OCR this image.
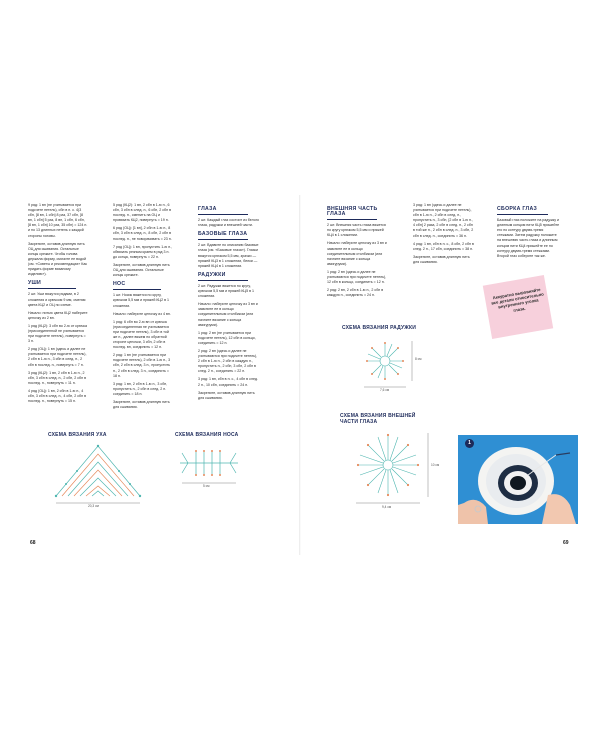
9 ряд: 1 вп (не учитывается при подсчете петель), сбн в п. с. 4(3 сбн, [8 вп, 1 сбн] 8 раз, 37 сбн, [8 вп, 1 сбн] 5 раз, 8 вп, 1 сбн, 6 сбн, [8 вп, 1 сбн] 10 раз, 35 сбн) = 124 п. и по 13 длинных петель с каждой стороны головы.

Закрепите, оставив длинную нить ОЦ для сшивания. Остальные концы срежьте. Чтобы голова держала форму, смочите ее водой (см. «Советы и рекомендации» Как придать форме вязаному изделию»).

УШИ

2 шт. Уши вяжутся рядами, в 2 сложения и крючком 9 мм, сменяя цвета КЦ2 и ОЦ по схеме.

Начало: нитью цвета КЦ2 наберите цепочку из 2 вп.

1 ряд (КЦ2): 3 сбн во 2-ю от крючка (присоединенной не учитывается при подсчете петель), повернуть = 3 п.

2 ряд (ОЦ): 1 вп (здесь и далее не учитывается при подсчете петель), 2 сбн в 1-ю п., 3 сбн в след. п., 2 сбн в послед. п., повернуть = 7 п.

3 ряд (КЦ2): 1 вп, 2 сбн в 1-ю п., 2 сбн, 3 сбн в след. п., 2 сбн, 2 сбн в послед. п., повернуть = 11 п.

4 ряд (ОЦ): 1 вп, 2 сбн в 1-ю п., 4 сбн, 3 сбн в след. п., 4 сбн, 2 сбн в послед. п., повернуть = 15 п.

5 ряд (КЦ2): 1 вп, 2 сбн в 1-ю п., 6 сбн, 3 сбн в след. п., 6 сбн, 2 сбн в послед. п., сменить на ОЦ и провязать КЦ2, повернуть = 19 п.

6 ряд (ОЦ): [1 вп], 2 сбн в 1-ю п., 8 сбн, 3 сбн в след. п., 8 сбн, 2 сбн в послед. п., не поворачивать = 23 п.

7 ряд (ОЦ): 1 вп, пропустить 1-ю п., обвязать резным краем в ряд 3 п. до конца, повернуть = 22 п.

Закрепите, оставив длинную нить ОЦ для сшивания. Остальные концы срежьте.

НОС

1 шт. Носик вяжется по кругу, крючком 5,5 мм и пряжей КЦ2 в 1 сложении.

Начало: наберите цепочку из 4 вп.

1 ряд: 6 сбн во 2-ю вп от крючка (присоединенная не учитывается при подсчете петель), 3 сбн в той же п., далее вяжем по обратной стороне цепочки, 3 сбн, 2 сбн в послед. вп, соединить = 12 п.

2 ряд: 1 вп (не учитывается при подсчете петель), 2 сбн в 1-ю п., 3 сбн, 2 сбн в след. 3 п., пропустить п., 2 сбн в след. 3 п., соединить = 18 п.

3 ряд: 1 вп, 2 сбн в 1-ю п., 3 сбн, пропустить п., 2 сбн в след. 2 п. соединить = 18 п.

Закрепите, оставив длинную нить для сшивания.

ГЛАЗА

2 шт. Каждый глаз состоит из белого глаза, радужки и внешней части.

БАЗОВЫЕ ГЛАЗА

2 шт. Вдавите по описанию базовые глаза (см. «Базовые глаза»). Глазки вяжутся крючком 5,5 мм, зрачки — пряжей КЦ3 в 1 сложении, белки — пряжей КЦ4 в 1 сложении.

РАДУЖКИ

2 шт. Радужки вяжется по кругу, крючком 5,5 мм и пряжей КЦ5 в 1 сложении.

Начало: наберите цепочку из 3 вп и замкните ее в кольцо соединительным столбиком (или начните вязание с кольца амигуруми).

1 ряд: 2 вп (не учитывается при подсчете петель), 12 сбн в кольцо, соединить = 12 п.

2 ряд: 2 вп (здесь и далее не учитываются при подсчете петель), 2 сбн в 1-ю п., 2 сбн в каждую п., пропустить п., 2 сбн, 3 сбн, 2 сбн в след. 2 п., соединить = 22 п.

3 ряд: 1 вп, сбн в п. с., 4 сбн в след. 2 п., 10 сбн, соединить = 24 п.

Закрепите, оставив длинную нить для сшивания.

СХЕМА ВЯЗАНИЯ УХА
20,3 см
СХЕМА ВЯЗАНИЯ НОСА
5 см
68
ВНЕШНЯЯ ЧАСТЬ ГЛАЗА

2 шт. Внешняя часть глаза вяжется по кругу крючком 5,5 мм и пряжей КЦ4 в 1 сложении.

Начало: наберите цепочку из 3 вп и замкните ее в кольцо соединительным столбиком (или начните вязание с кольца амигуруми).

1 ряд: 2 вп (здесь и далее не учитываются при подсчете петель), 12 сбн в кольцо, соединить = 12 п.

2 ряд: 2 вп, 2 сбн в 1-ю п., 2 сбн в каждую п., соединить = 24 п.

3 ряд: 1 вп (здесь и далее не учитывается при подсчете петель), сбн в 1-ю п., 2 сбн в след. п., пропустить п., 3 сбн, [2 сбн в 1-ю п., 4 сбн] 2 раза, 2 сбн в след. п., 2 сбн в той же п., 2 сбн в след. п., 3 сбн, 2 сбн в след. п., соединить = 36 п.

4 ряд: 1 вп, сбн в п. с., 8 сбн, 2 сбн в след. 2 п., 17 сбн, соединить = 38 п.

Закрепите, оставив длинную нить для сшивания.

СБОРКА ГЛАЗ

Базовый глаз положите на радужку и длинным концом нити КЦ5 пришейте его по контуру двумя-тремя стежками. Затем радужку положите на внешнюю часть глаза и длинным концом нити КЦ4 пришейте ее по контуру двумя-тремя стежками. Второй глаз соберите так же.

Аккуратно выровняйте все детали относительно внутреннего уголка глаза.
СХЕМА ВЯЗАНИЯ РАДУЖКИ
7,6 см
8 см
СХЕМА ВЯЗАНИЯ ВНЕШНЕЙ ЧАСТИ ГЛАЗА
9,4 см
10 см
1
69
